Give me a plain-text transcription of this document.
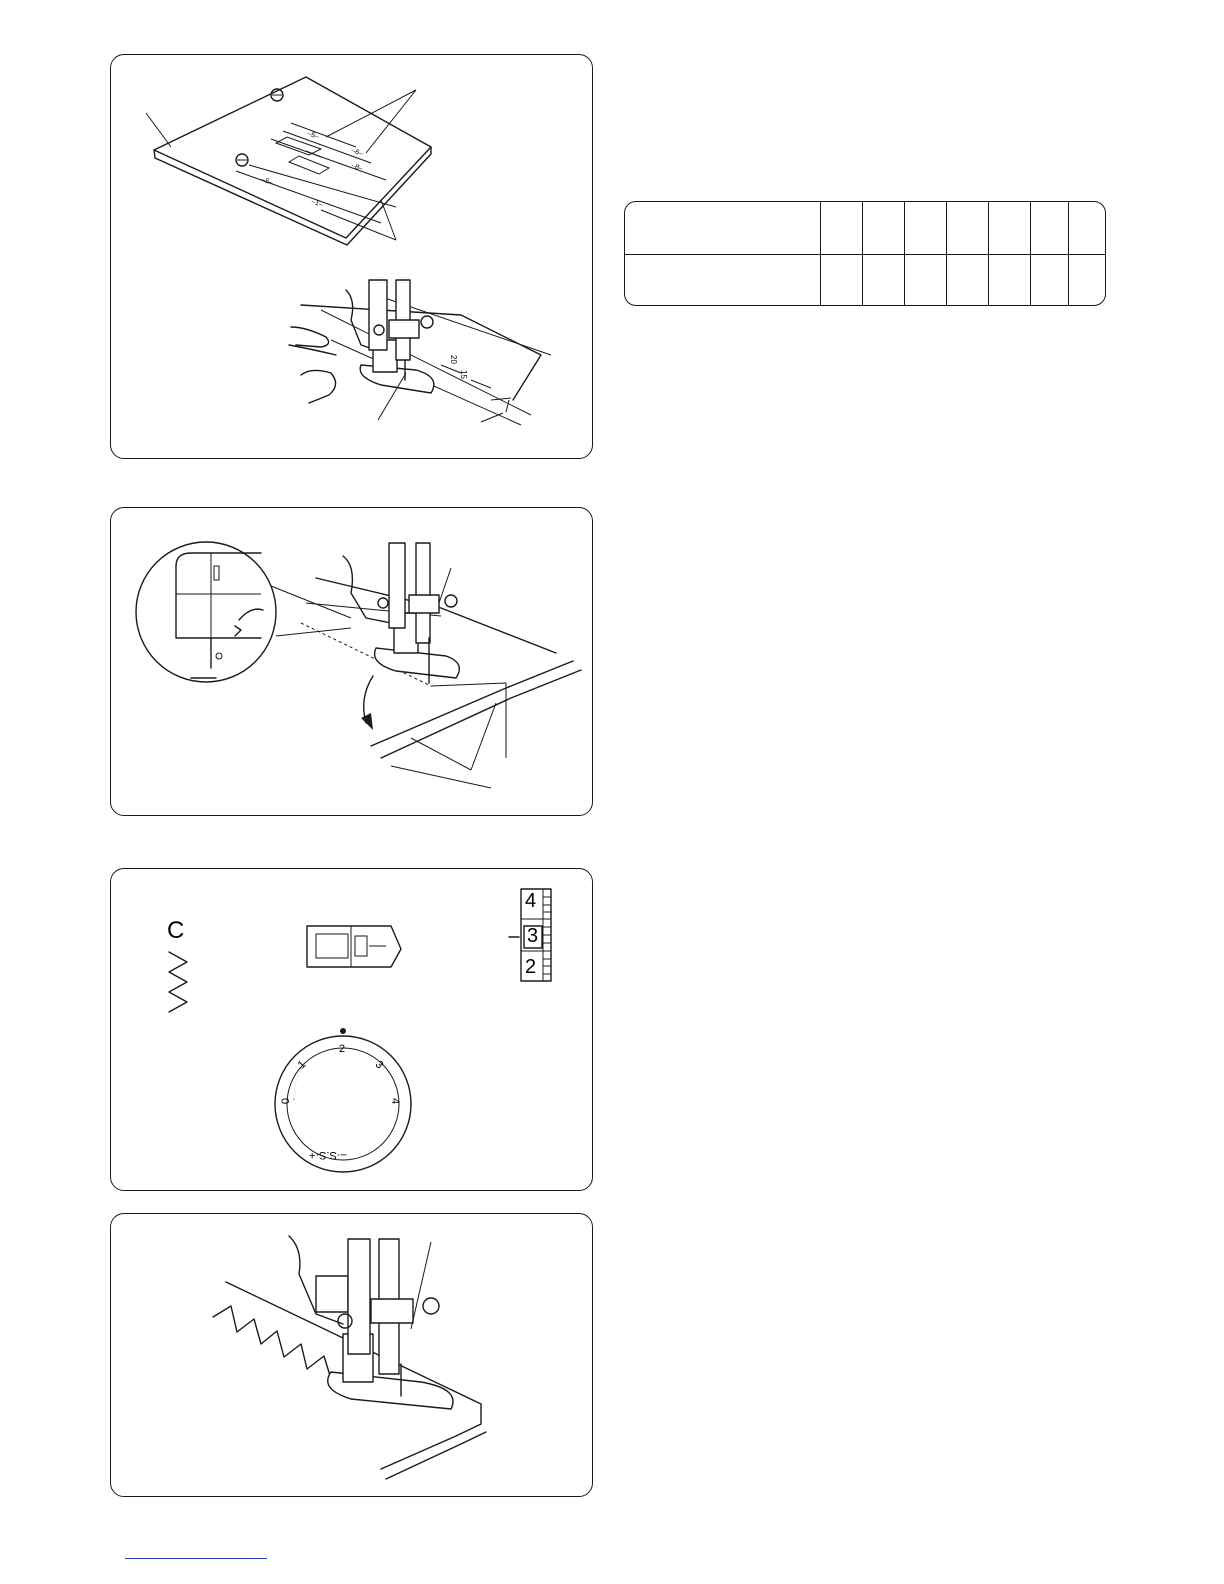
–5–
–6–
–8–
–5–
–1–
20
15
C
4
3
2
0
1
2
3
4
–·S.S·+
